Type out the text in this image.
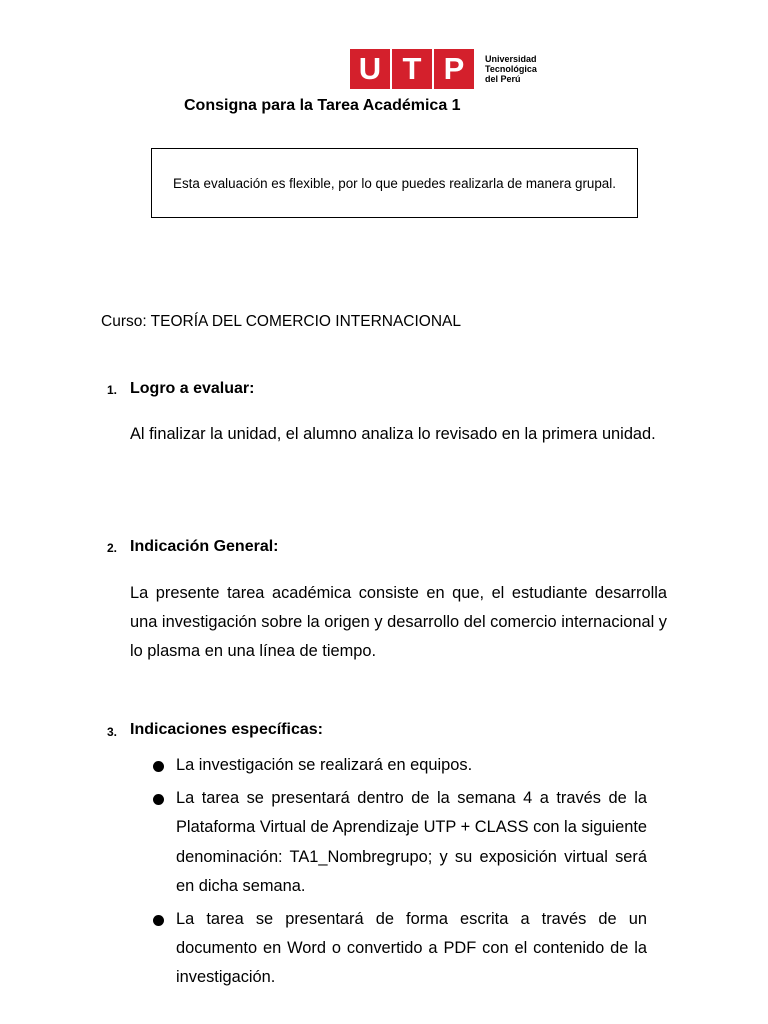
U T P	Universidad
Tecnológica
del Perú
Consigna para la Tarea Académica 1
Esta evaluación es flexible, por lo que puedes realizarla de manera grupal.
Curso: TEORÍA DEL COMERCIO INTERNACIONAL
1. Logro a evaluar:
Al finalizar la unidad, el alumno analiza lo revisado en la primera unidad.
2. Indicación General:
La presente tarea académica consiste en que, el estudiante desarrolla una investigación sobre la origen y desarrollo del comercio internacional y lo plasma en una línea de tiempo.
3. Indicaciones específicas:
La investigación se realizará en equipos.
La tarea se presentará dentro de la semana 4 a través de la Plataforma Virtual de Aprendizaje UTP + CLASS con la siguiente denominación: TA1_Nombregrupo; y su exposición virtual será en dicha semana.
La tarea se presentará de forma escrita a través de un documento en Word o convertido a PDF con el contenido de la investigación.
